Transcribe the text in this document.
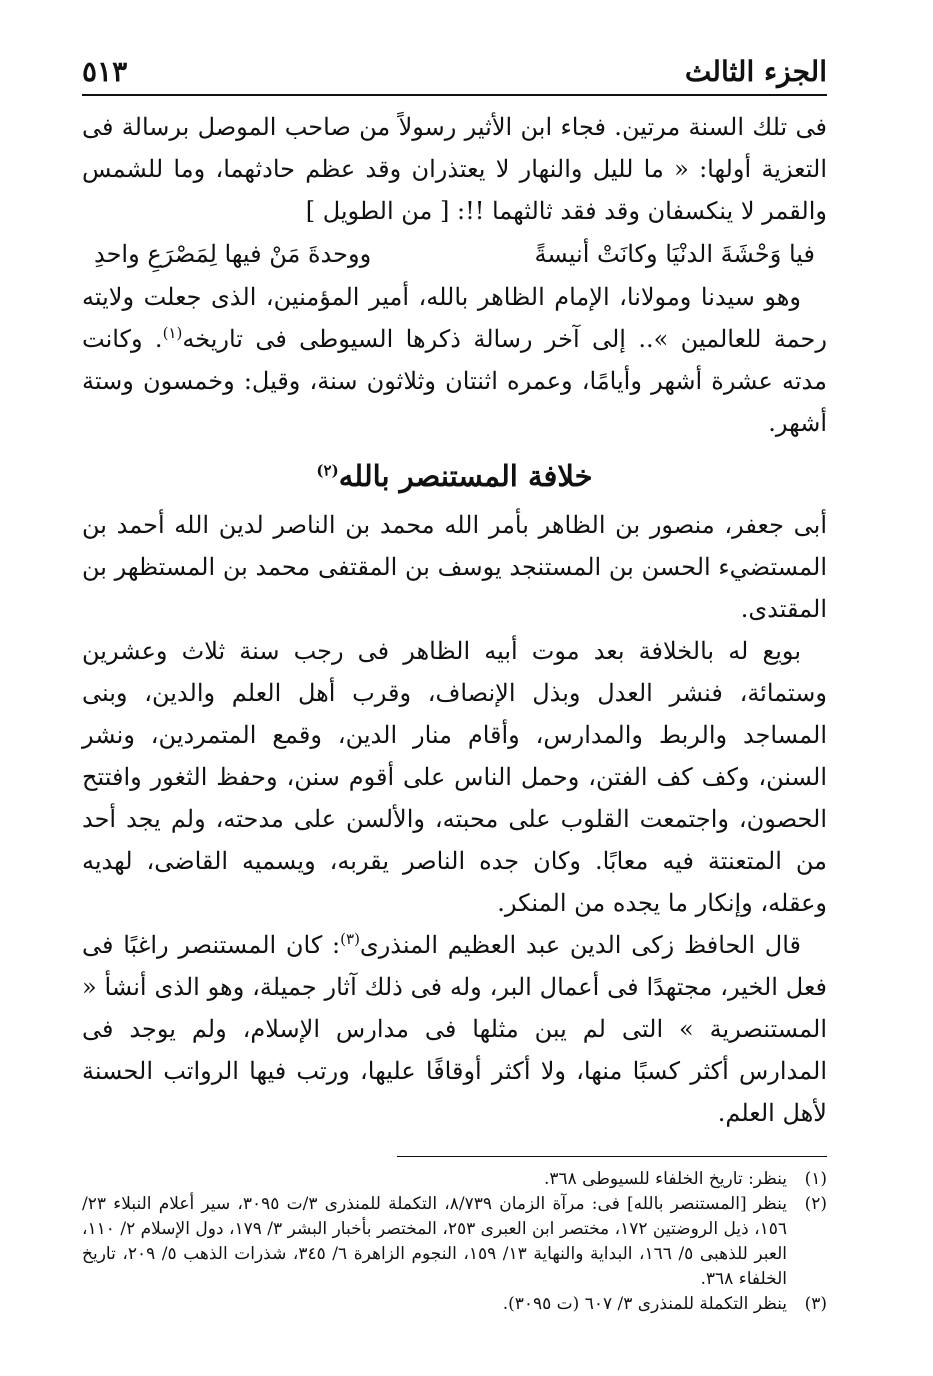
الجزء الثالث
٥١٣

فى تلك السنة مرتين. فجاء ابن الأثير رسولاً من صاحب الموصل برسالة فى التعزية أولها: « ما لليل والنهار لا يعتذران وقد عظم حادثهما، وما للشمس والقمر لا ينكسفان وقد فقد ثالثهما !!: [ من الطويل ]

فيا وَحْشَةَ الدنْيَا وكانَتْ أنيسةً
ووحدةَ مَنْ فيها لِمَصْرَعِ واحدِ

وهو سيدنا ومولانا، الإمام الظاهر بالله، أمير المؤمنين، الذى جعلت ولايته رحمة للعالمين ».. إلى آخر رسالة ذكرها السيوطى فى تاريخه$^{(١)}$. وكانت مدته عشرة أشهر وأيامًا، وعمره اثنتان وثلاثون سنة، وقيل: وخمسون وستة أشهر.

خلافة المستنصر بالله$^{(٢)}$

أبى جعفر، منصور بن الظاهر بأمر الله محمد بن الناصر لدين الله أحمد بن المستضيء الحسن بن المستنجد يوسف بن المقتفى محمد بن المستظهر بن المقتدى.

بويع له بالخلافة بعد موت أبيه الظاهر فى رجب سنة ثلاث وعشرين وستمائة، فنشر العدل وبذل الإنصاف، وقرب أهل العلم والدين، وبنى المساجد والربط والمدارس، وأقام منار الدين، وقمع المتمردين، ونشر السنن، وكف كف الفتن، وحمل الناس على أقوم سنن، وحفظ الثغور وافتتح الحصون، واجتمعت القلوب على محبته، والألسن على مدحته، ولم يجد أحد من المتعنتة فيه معابًا. وكان جده الناصر يقربه، ويسميه القاضى، لهديه وعقله، وإنكار ما يجده من المنكر.

قال الحافظ زكى الدين عبد العظيم المنذرى$^{(٣)}$: كان المستنصر راغبًا فى فعل الخير، مجتهدًا فى أعمال البر، وله فى ذلك آثار جميلة، وهو الذى أنشأ « المستنصرية » التى لم يبن مثلها فى مدارس الإسلام، ولم يوجد فى المدارس أكثر كسبًا منها، ولا أكثر أوقافًا عليها، ورتب فيها الرواتب الحسنة لأهل العلم.

(١)
ينظر: تاريخ الخلفاء للسيوطى ٣٦٨.
(٢)
ينظر [المستنصر بالله] فى: مرآة الزمان ٨/٧٣٩، التكملة للمنذرى ٣/ت ٣٠٩٥، سير أعلام النبلاء ٢٣/ ١٥٦، ذيل الروضتين ١٧٢، مختصر ابن العبرى ٢٥٣، المختصر بأخبار البشر ٣/ ١٧٩، دول الإسلام ٢/ ١١٠، العبر للذهبى ٥/ ١٦٦، البداية والنهاية ١٣/ ١٥٩، النجوم الزاهرة ٦/ ٣٤٥، شذرات الذهب ٥/ ٢٠٩، تاريخ الخلفاء ٣٦٨.
(٣)
ينظر التكملة للمنذرى ٣/ ٦٠٧ (ت ٣٠٩٥).
